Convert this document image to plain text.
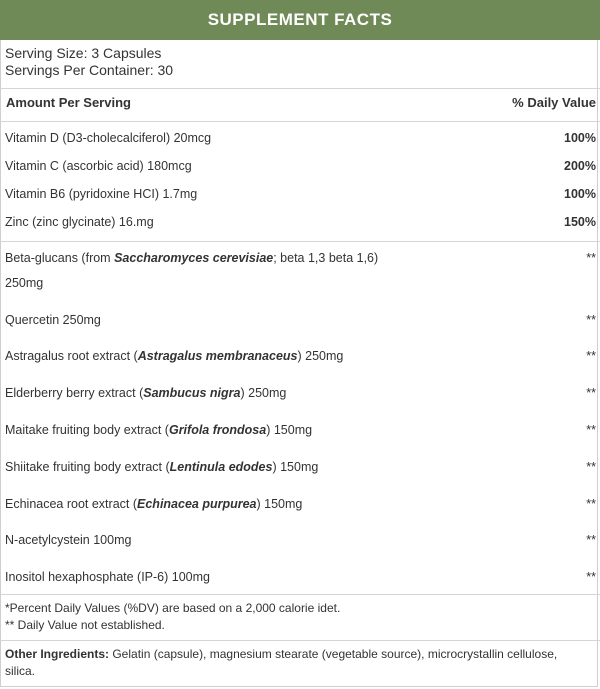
SUPPLEMENT FACTS
Serving Size: 3 Capsules
Servings Per Container: 30
Amount Per Serving	% Daily Value
Vitamin D (D3-cholecalciferol) 20mcg	100%
Vitamin C (ascorbic acid) 180mcg	200%
Vitamin B6 (pyridoxine HCI) 1.7mg	100%
Zinc (zinc glycinate) 16.mg	150%
Beta-glucans (from Saccharomyces cerevisiae; beta 1,3 beta 1,6)	**
250mg
Quercetin 250mg	**
Astragalus root extract (Astragalus membranaceus) 250mg	**
Elderberry berry extract (Sambucus nigra) 250mg	**
Maitake fruiting body extract (Grifola frondosa) 150mg	**
Shiitake fruiting body extract (Lentinula edodes) 150mg	**
Echinacea root extract (Echinacea purpurea) 150mg	**
N-acetylcystein 100mg	**
Inositol hexaphosphate (IP-6) 100mg	**
*Percent Daily Values (%DV) are based on a 2,000 calorie idet.
** Daily Value not established.
Other Ingredients: Gelatin (capsule), magnesium stearate (vegetable source), microcrystallin cellulose, silica.
